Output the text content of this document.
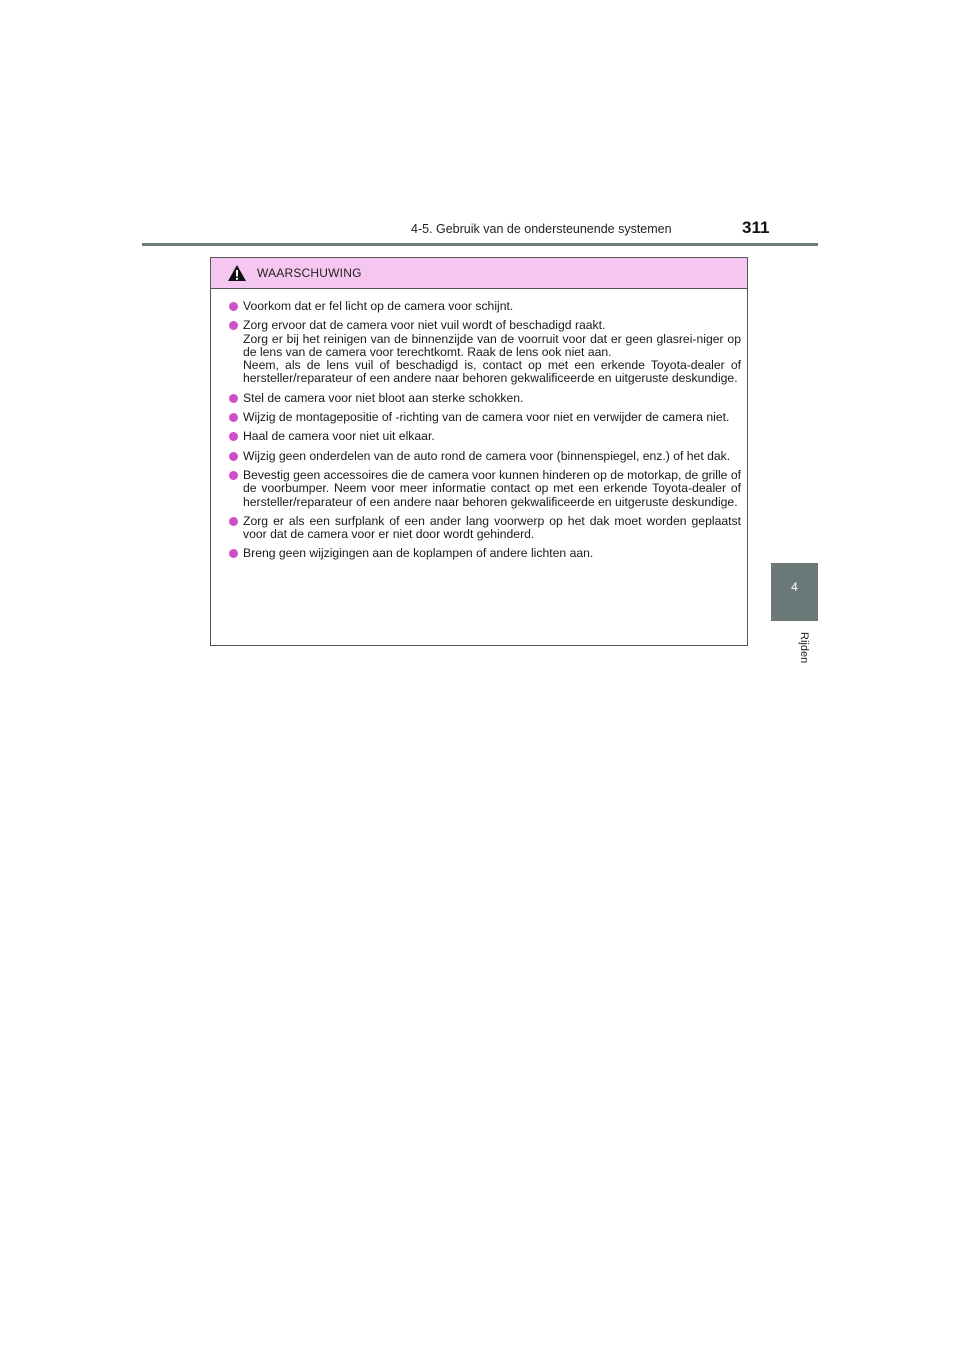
4-5. Gebruik van de ondersteunende systemen	311
4
Rijden
WAARSCHUWING
Voorkom dat er fel licht op de camera voor schijnt.
Zorg ervoor dat de camera voor niet vuil wordt of beschadigd raakt.
Zorg er bij het reinigen van de binnenzijde van de voorruit voor dat er geen glasrei-niger op de lens van de camera voor terechtkomt. Raak de lens ook niet aan.
Neem, als de lens vuil of beschadigd is, contact op met een erkende Toyota-dealer of hersteller/reparateur of een andere naar behoren gekwalificeerde en uitgeruste deskundige.
Stel de camera voor niet bloot aan sterke schokken.
Wijzig de montagepositie of -richting van de camera voor niet en verwijder de camera niet.
Haal de camera voor niet uit elkaar.
Wijzig geen onderdelen van de auto rond de camera voor (binnenspiegel, enz.) of het dak.
Bevestig geen accessoires die de camera voor kunnen hinderen op de motorkap, de grille of de voorbumper. Neem voor meer informatie contact op met een erkende Toyota-dealer of hersteller/reparateur of een andere naar behoren gekwalificeerde en uitgeruste deskundige.
Zorg er als een surfplank of een ander lang voorwerp op het dak moet worden geplaatst voor dat de camera voor er niet door wordt gehinderd.
Breng geen wijzigingen aan de koplampen of andere lichten aan.
